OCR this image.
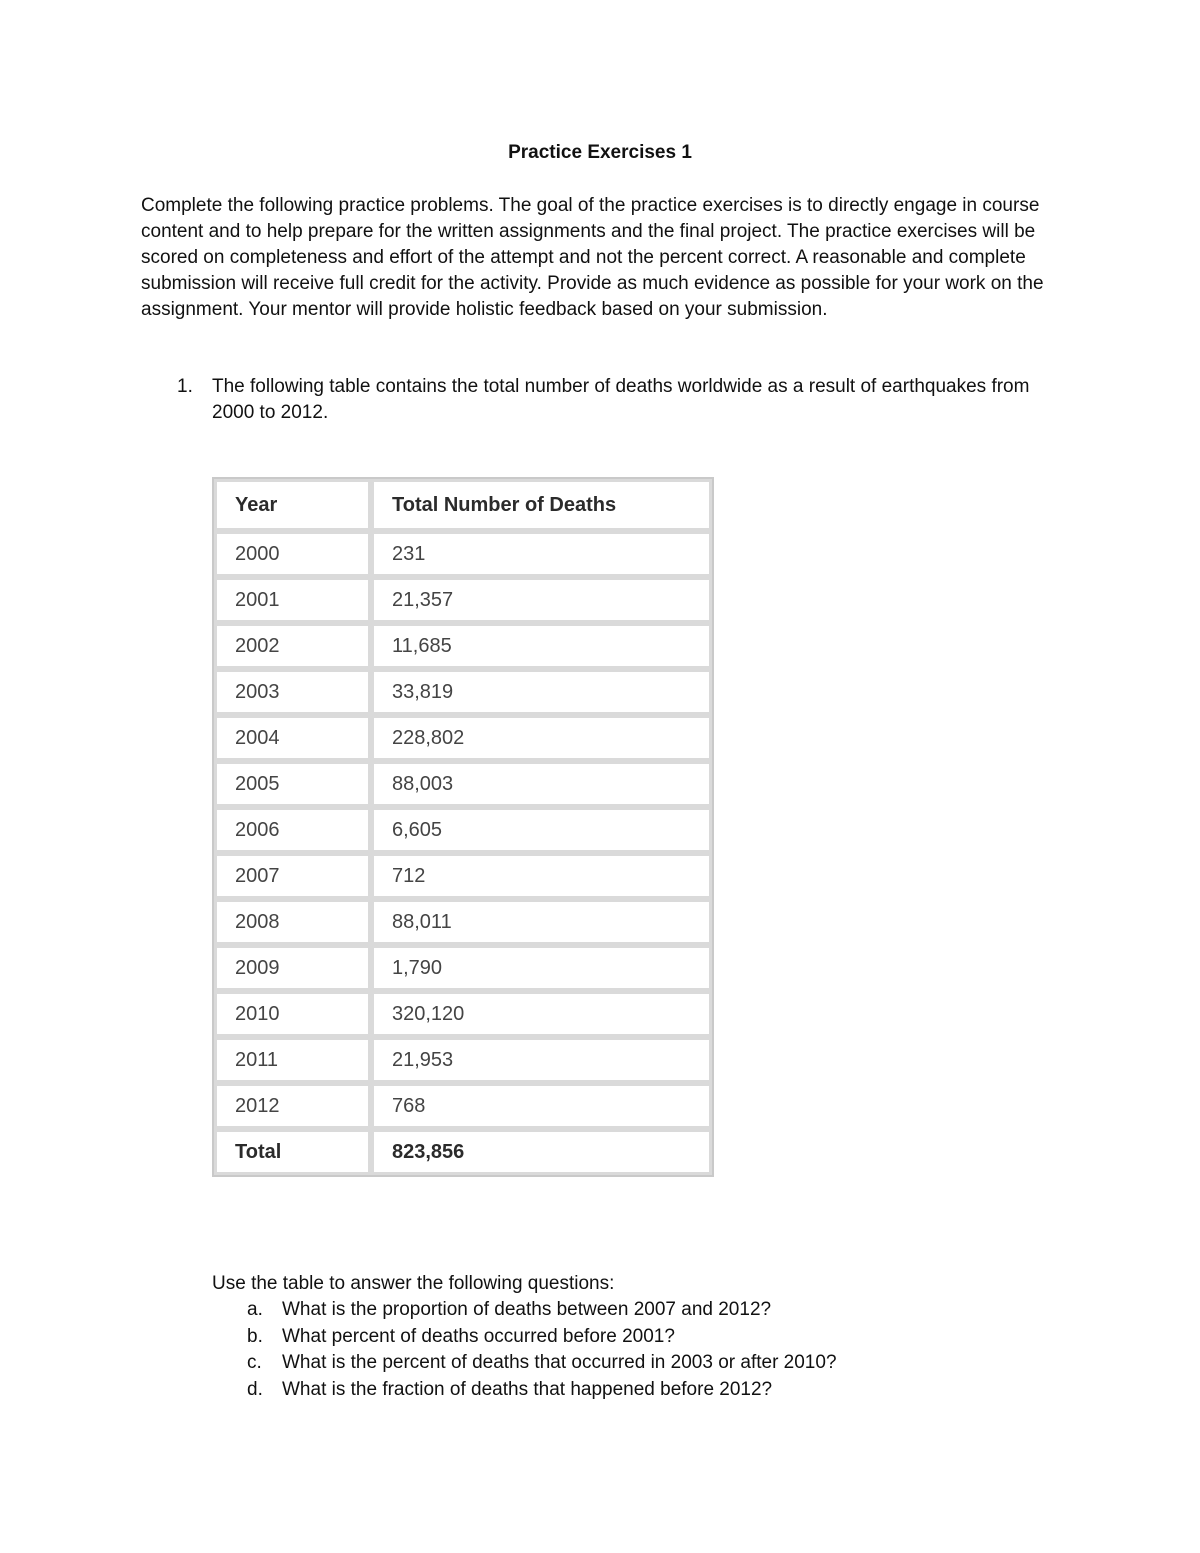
Practice Exercises 1

Complete the following practice problems. The goal of the practice exercises is to directly engage in course content and to help prepare for the written assignments and the final project. The practice exercises will be scored on completeness and effort of the attempt and not the percent correct. A reasonable and complete submission will receive full credit for the activity. Provide as much evidence as possible for your work on the assignment. Your mentor will provide holistic feedback based on your submission.

1. The following table contains the total number of deaths worldwide as a result of earthquakes from 2000 to 2012.
Year	Total Number of Deaths
2000	231
2001	21,357
2002	11,685
2003	33,819
2004	228,802
2005	88,003
2006	6,605
2007	712
2008	88,011
2009	1,790
2010	320,120
2011	21,953
2012	768
Total	823,856
Use the table to answer the following questions:
a. What is the proportion of deaths between 2007 and 2012?
b. What percent of deaths occurred before 2001?
c. What is the percent of deaths that occurred in 2003 or after 2010?
d. What is the fraction of deaths that happened before 2012?
